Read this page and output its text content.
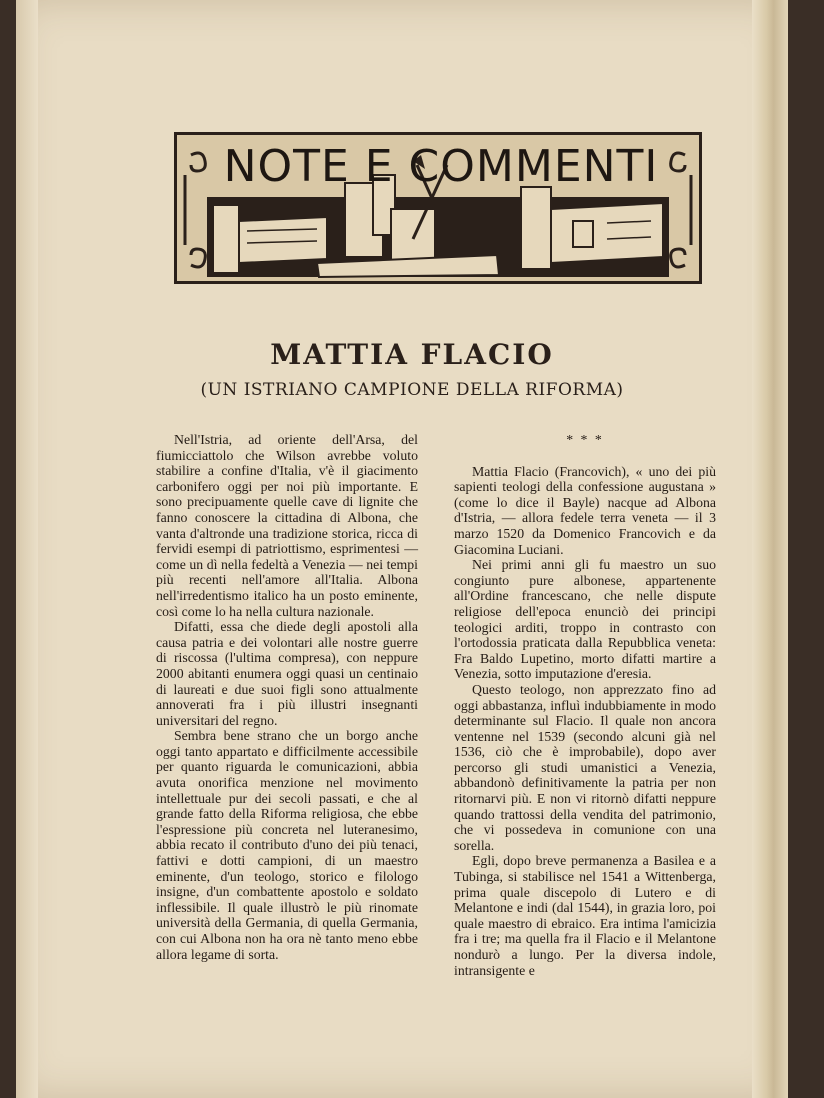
NOTE E COMMENTI
MATTIA FLACIO
(UN ISTRIANO CAMPIONE DELLA RIFORMA)

Nell'Istria, ad oriente dell'Arsa, del fiumicciattolo che Wilson avrebbe voluto stabilire a confine d'Italia, v'è il giacimento carbonifero oggi per noi più importante. E sono precipuamente quelle cave di lignite che fanno conoscere la cittadina di Albona, che vanta d'altronde una tradizione storica, ricca di fervidi esempi di patriottismo, esprimentesi — come un dì nella fedeltà a Venezia — nei tempi più recenti nell'amore all'Italia. Albona nell'irredentismo italico ha un posto eminente, così come lo ha nella cultura nazionale.

Difatti, essa che diede degli apostoli alla causa patria e dei volontari alle nostre guerre di riscossa (l'ultima compresa), con neppure 2000 abitanti enumera oggi quasi un centinaio di laureati e due suoi figli sono attualmente annoverati fra i più illustri insegnanti universitari del regno.

Sembra bene strano che un borgo anche oggi tanto appartato e difficilmente accessibile per quanto riguarda le comunicazioni, abbia avuta onorifica menzione nel movimento intellettuale pur dei secoli passati, e che al grande fatto della Riforma religiosa, che ebbe l'espressione più concreta nel luteranesimo, abbia recato il contributo d'uno dei più tenaci, fattivi e dotti campioni, di un maestro eminente, d'un teologo, storico e filologo insigne, d'un combattente apostolo e soldato inflessibile. Il quale illustrò le più rinomate università della Germania, di quella Germania, con cui Albona non ha ora nè tanto meno ebbe allora legame di sorta.

* * *

Mattia Flacio (Francovich), « uno dei più sapienti teologi della confessione augustana » (come lo dice il Bayle) nacque ad Albona d'Istria, — allora fedele terra veneta — il 3 marzo 1520 da Domenico Francovich e da Giacomina Luciani.

Nei primi anni gli fu maestro un suo congiunto pure albonese, appartenente all'Ordine francescano, che nelle dispute religiose dell'epoca enunciò dei principi teologici arditi, troppo in contrasto con l'ortodossia praticata dalla Repubblica veneta: Fra Baldo Lupetino, morto difatti martire a Venezia, sotto imputazione d'eresia.

Questo teologo, non apprezzato fino ad oggi abbastanza, influì indubbiamente in modo determinante sul Flacio. Il quale non ancora ventenne nel 1539 (secondo alcuni già nel 1536, ciò che è improbabile), dopo aver percorso gli studi umanistici a Venezia, abbandonò definitivamente la patria per non ritornarvi più. E non vi ritornò difatti neppure quando trattossi della vendita del patrimonio, che vi possedeva in comunione con una sorella.

Egli, dopo breve permanenza a Basilea e a Tubinga, si stabilisce nel 1541 a Wittenberga, prima quale discepolo di Lutero e di Melantone e indi (dal 1544), in grazia loro, poi quale maestro di ebraico. Era intima l'amicizia fra i tre; ma quella fra il Flacio e il Melantone nondurò a lungo. Per la diversa indole, intransigente e
